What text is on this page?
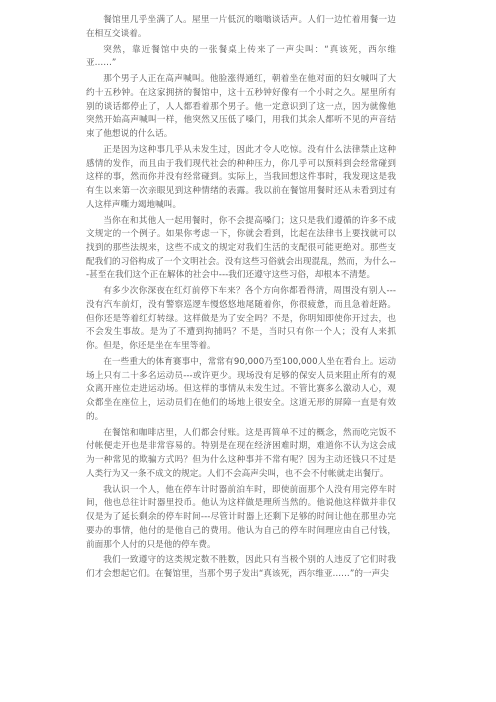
餐馆里几乎坐满了人。屋里一片低沉的嗡嗡谈话声。人们一边忙着用餐一边在相互交谈着。

突然，靠近餐馆中央的一张餐桌上传来了一声尖叫：“真该死，西尔维亚……”

那个男子人正在高声喊叫。他脸涨得通红，朝着坐在他对面的妇女喊叫了大约十五秒钟。在这家拥挤的餐馆中，这十五秒钟好像有一个小时之久。屋里所有别的谈话都停止了，人人都看着那个男子。他一定意识到了这一点，因为就像他突然开始高声喊叫一样，他突然又压低了嗓门，用我们其余人都听不见的声音结束了他想说的什么话。

正是因为这种事几乎从未发生过，因此才令人吃惊。没有什么法律禁止这种感情的发作，而且由于我们现代社会的种种压力，你几乎可以预料到会经常碰到这样的事，然而你并没有经常碰到。实际上，当我回想这件事时，我发现这是我有生以来第一次亲眼见到这种情绪的表露。我以前在餐馆用餐时还从未看到过有人这样声嘶力竭地喊叫。

当你在和其他人一起用餐时，你不会提高嗓门；这只是我们遵循的许多不成文规定的一个例子。如果你考虑一下，你就会看到，比起在法律书上要找就可以找到的那些法规来，这些不成文的规定对我们生活的支配很可能更绝对。那些支配我们的习俗构成了一个文明社会。没有这些习俗就会出现混乱，然而，为什么---甚至在我们这个正在解体的社会中---我们还遵守这些习俗，却根本不清楚。

有多少次你深夜在红灯前停下车来？各个方向你都看得清，周围没有别人---没有汽车前灯，没有警察巡逻车慢悠悠地尾随着你，你很疲惫，而且急着赶路。但你还是等着红灯转绿。这样做是为了安全吗？不是，你明知即使你开过去，也不会发生事故。是为了不遭到拘捕吗？不是，当时只有你一个人；没有人来抓你。但是，你还是坐在车里等着。

在一些重大的体育赛事中，常常有90,000乃至100,000人坐在看台上。运动场上只有二十多名运动员---或许更少。现场没有足够的保安人员来阻止所有的观众离开座位走进运动场。但这样的事情从未发生过。不管比赛多么激动人心，观众都坐在座位上，运动员们在他们的场地上很安全。这道无形的屏障一直是有效的。

在餐馆和咖啡店里，人们都会付账。这是再简单不过的概念，然而吃完饭不付帐便走开也是非常容易的。特别是在现在经济困难时期，难道你不认为这会成为一种常见的欺骗方式吗？但为什么这种事并不常有呢？因为主动还钱只不过是人类行为又一条不成文的规定。人们不会高声尖叫，也不会不付帐就走出餐厅。

我认识一个人，他在停车计时器前泊车时，即使前面那个人没有用完停车时间，他也总往计时器里投币。他认为这样做是理所当然的。他说他这样做并非仅仅是为了延长剩余的停车时间---尽管计时器上还剩下足够的时间让他在那里办完要办的事情，他付的是他自己的费用。他认为自己的停车时间理应由自己付钱，前面那个人付的只是他的停车费。

我们一致遵守的这类规定数不胜数，因此只有当极个别的人违反了它们时我们才会想起它们。在餐馆里，当那个男子发出“真该死，西尔维亚……”的一声尖
